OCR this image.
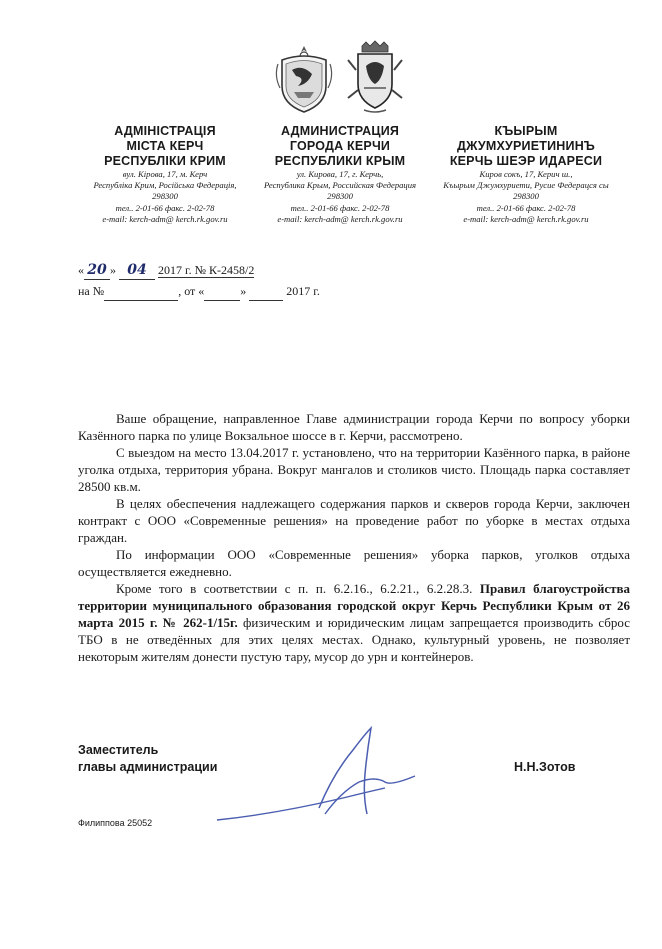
АДМІНІСТРАЦІЯ
МІСТА КЕРЧ
РЕСПУБЛІКИ КРИМ
вул. Кірова, 17, м. Керч
Республіка Крим, Російська Федерація,
298300
тел.. 2-01-66 факс. 2-02-78
e-mail: kerch-adm@ kerch.rk.gov.ru
АДМИНИСТРАЦИЯ
ГОРОДА КЕРЧИ
РЕСПУБЛИКИ КРЫМ
ул. Кирова, 17, г. Керчь,
Республика Крым, Российская Федерация
298300
тел.. 2-01-66 факс. 2-02-78
e-mail: kerch-adm@ kerch.rk.gov.ru
КЪЫРЫМ
ДЖУМХУРИЕТИНИНЪ
КЕРЧЬ ШЕЭР ИДАРЕСИ
Киров сокъ, 17, Керич ш.,
Къырым Джумхуриети, Русие Федерацся сы
298300
тел.. 2-01-66 факс. 2-02-78
e-mail: kerch-adm@ kerch.rk.gov.ru
« 20 » 04 2017 г. № К-2458/2
на №	, от «	»	2017 г.

Ваше обращение, направленное Главе администрации города Керчи по вопросу уборки Казённого парка по улице Вокзальное шоссе в г. Керчи, рассмотрено.

С выездом на место 13.04.2017 г. установлено, что на территории Казённого парка, в районе уголка отдыха, территория убрана. Вокруг мангалов и столиков чисто. Площадь парка составляет 28500 кв.м.

В целях обеспечения надлежащего содержания парков и скверов города Керчи, заключен контракт с ООО «Современные решения» на проведение работ по уборке в местах отдыха граждан.

По информации ООО «Современные решения» уборка парков, уголков отдыха осуществляется ежедневно.

Кроме того в соответствии с п. п. 6.2.16., 6.2.21., 6.2.28.3. Правил благоустройства территории муниципального образования городской округ Керчь Республики Крым от 26 марта 2015 г. № 262-1/15г. физическим и юридическим лицам запрещается производить сброс ТБО в не отведённых для этих целях местах. Однако, культурный уровень, не позволяет некоторым жителям донести пустую тару, мусор до урн и контейнеров.

Заместитель
главы администрации	Н.Н.Зотов
Филиппова 25052
